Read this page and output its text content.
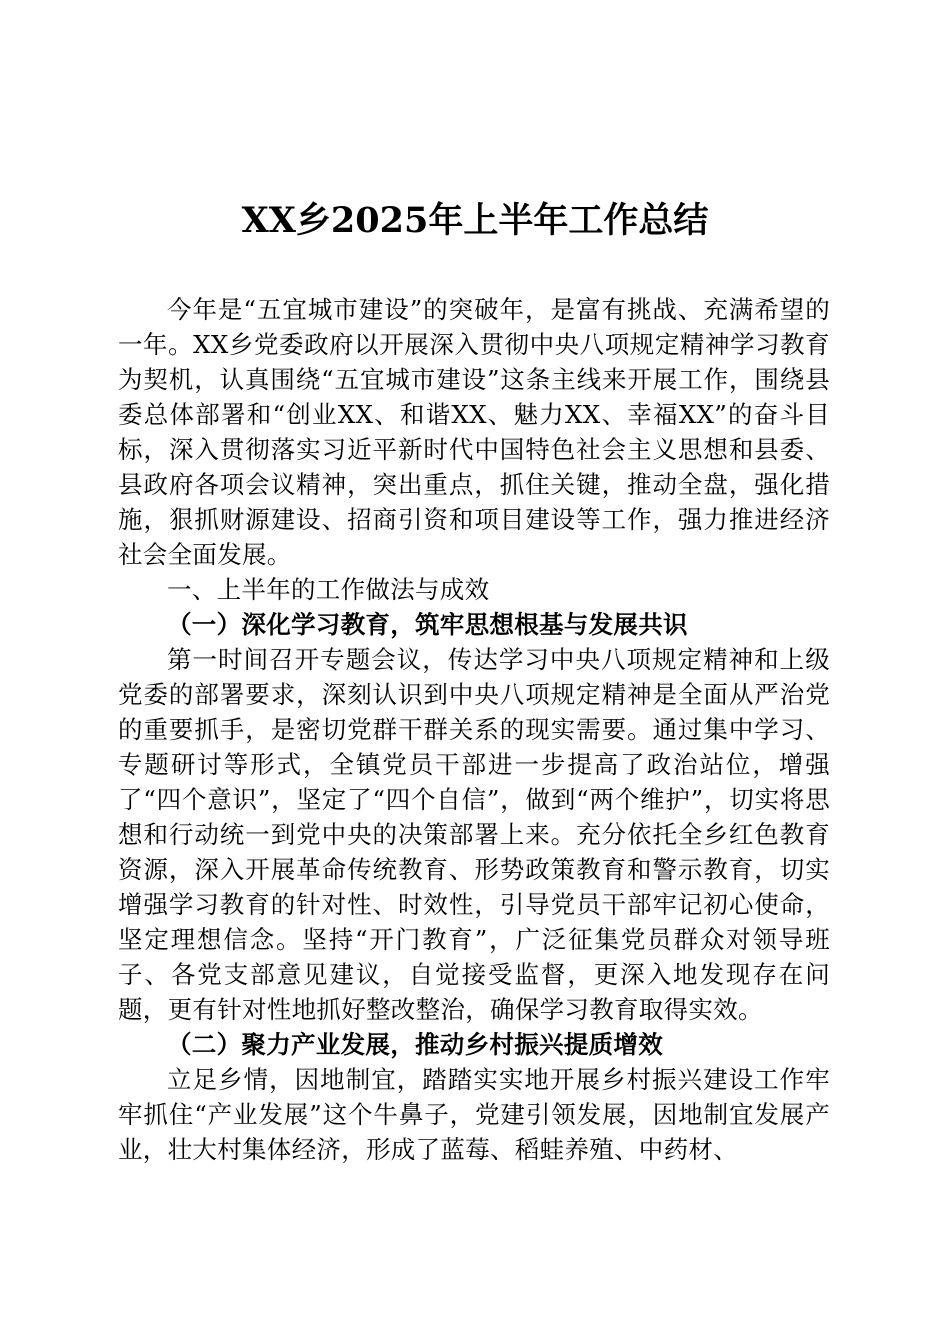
XX乡2025年上半年工作总结

今年是“五宜城市建设”的突破年，是富有挑战、充满希望的一年。XX乡党委政府以开展深入贯彻中央八项规定精神学习教育为契机，认真围绕“五宜城市建设”这条主线来开展工作，围绕县委总体部署和“创业XX、和谐XX、魅力XX、幸福XX”的奋斗目标，深入贯彻落实习近平新时代中国特色社会主义思想和县委、县政府各项会议精神，突出重点，抓住关键，推动全盘，强化措施，狠抓财源建设、招商引资和项目建设等工作，强力推进经济社会全面发展。

一、上半年的工作做法与成效

（一）深化学习教育，筑牢思想根基与发展共识

第一时间召开专题会议，传达学习中央八项规定精神和上级党委的部署要求，深刻认识到中央八项规定精神是全面从严治党的重要抓手，是密切党群干群关系的现实需要。通过集中学习、专题研讨等形式，全镇党员干部进一步提高了政治站位，增强了“四个意识”，坚定了“四个自信”，做到“两个维护”，切实将思想和行动统一到党中央的决策部署上来。充分依托全乡红色教育资源，深入开展革命传统教育、形势政策教育和警示教育，切实增强学习教育的针对性、时效性，引导党员干部牢记初心使命，坚定理想信念。坚持“开门教育”，广泛征集党员群众对领导班子、各党支部意见建议，自觉接受监督，更深入地发现存在问题，更有针对性地抓好整改整治，确保学习教育取得实效。

（二）聚力产业发展，推动乡村振兴提质增效

立足乡情，因地制宜，踏踏实实地开展乡村振兴建设工作牢牢抓住“产业发展”这个牛鼻子，党建引领发展，因地制宜发展产业，壮大村集体经济，形成了蓝莓、稻蛙养殖、中药材、
